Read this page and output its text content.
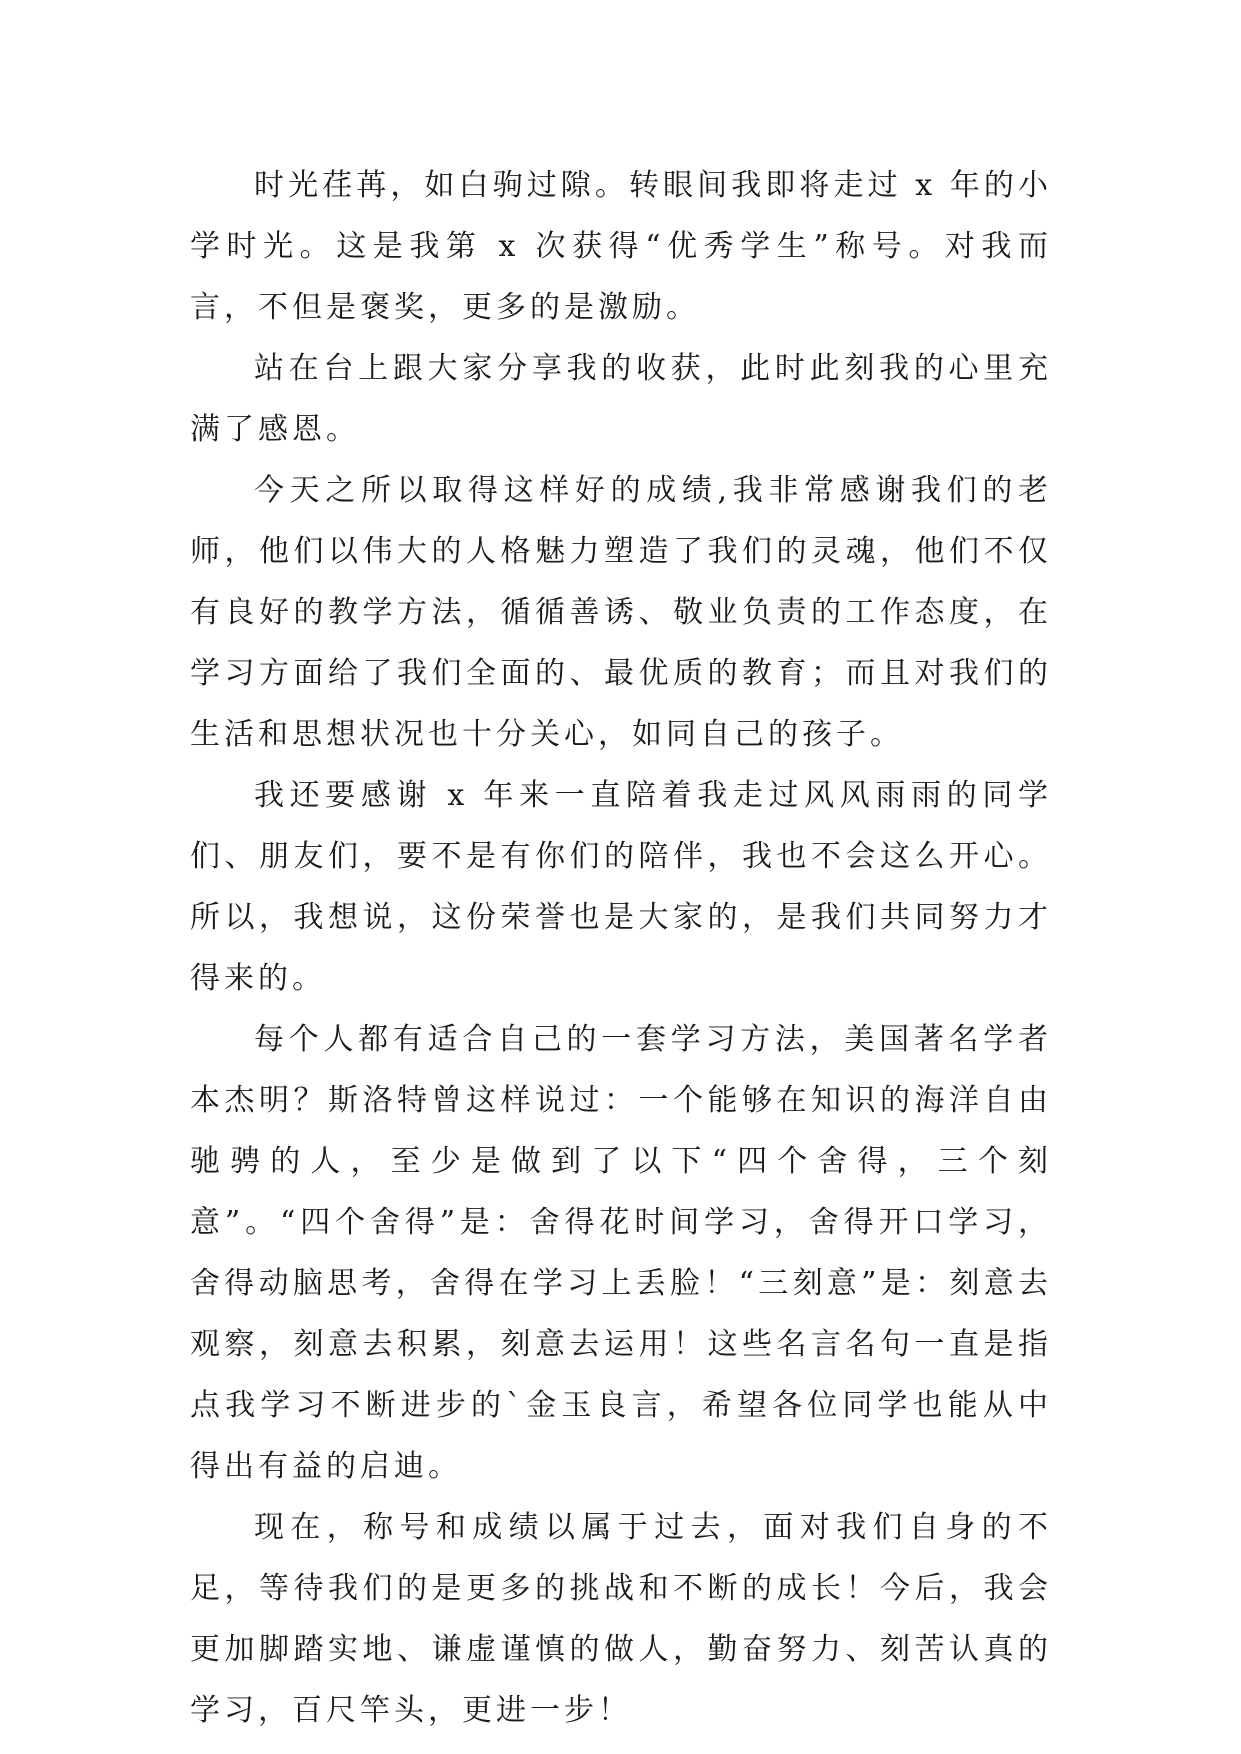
时光荏苒，如白驹过隙。转眼间我即将走过 x 年的小学时光。这是我第 x 次获得“优秀学生”称号。对我而言，不但是褒奖，更多的是激励。

站在台上跟大家分享我的收获，此时此刻我的心里充满了感恩。

今天之所以取得这样好的成绩,我非常感谢我们的老师，他们以伟大的人格魅力塑造了我们的灵魂，他们不仅有良好的教学方法，循循善诱、敬业负责的工作态度，在学习方面给了我们全面的、最优质的教育；而且对我们的生活和思想状况也十分关心，如同自己的孩子。

我还要感谢 x 年来一直陪着我走过风风雨雨的同学们、朋友们，要不是有你们的陪伴，我也不会这么开心。所以，我想说，这份荣誉也是大家的，是我们共同努力才得来的。

每个人都有适合自己的一套学习方法，美国著名学者本杰明？斯洛特曾这样说过：一个能够在知识的海洋自由驰骋的人，至少是做到了以下“四个舍得，三个刻意”。“四个舍得”是：舍得花时间学习，舍得开口学习，舍得动脑思考，舍得在学习上丢脸！“三刻意”是：刻意去观察，刻意去积累，刻意去运用！这些名言名句一直是指点我学习不断进步的`金玉良言，希望各位同学也能从中得出有益的启迪。

现在，称号和成绩以属于过去，面对我们自身的不足，等待我们的是更多的挑战和不断的成长！今后，我会更加脚踏实地、谦虚谨慎的做人，勤奋努力、刻苦认真的学习，百尺竿头，更进一步！
